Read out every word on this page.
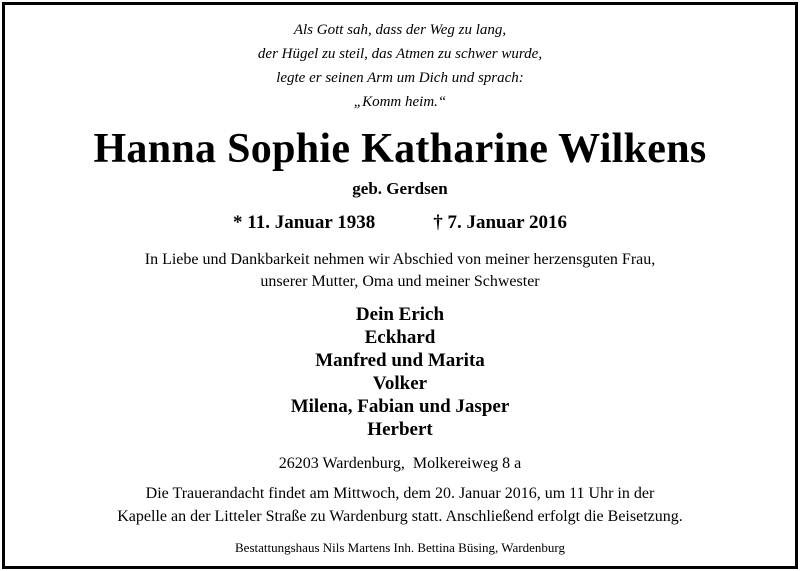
Als Gott sah, dass der Weg zu lang,
der Hügel zu steil, das Atmen zu schwer wurde,
legte er seinen Arm um Dich und sprach:
„Komm heim.“
Hanna Sophie Katharine Wilkens
geb. Gerdsen
* 11. Januar 1938	† 7. Januar 2016
In Liebe und Dankbarkeit nehmen wir Abschied von meiner herzensguten Frau,
unserer Mutter, Oma und meiner Schwester
Dein Erich
Eckhard
Manfred und Marita
Volker
Milena, Fabian und Jasper
Herbert
26203 Wardenburg,  Molkereiweg 8 a
Die Trauerandacht findet am Mittwoch, dem 20. Januar 2016, um 11 Uhr in der
Kapelle an der Litteler Straße zu Wardenburg statt. Anschließend erfolgt die Beisetzung.
Bestattungshaus Nils Martens Inh. Bettina Büsing, Wardenburg
